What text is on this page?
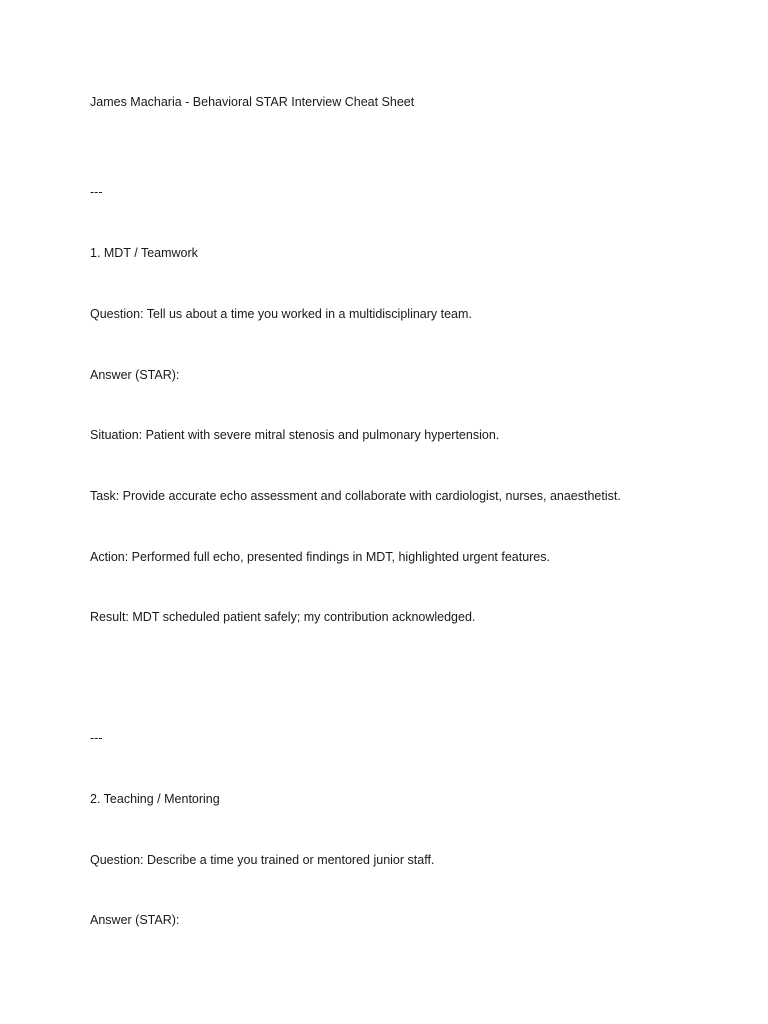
James Macharia - Behavioral STAR Interview Cheat Sheet
---
1. MDT / Teamwork
Question: Tell us about a time you worked in a multidisciplinary team.
Answer (STAR):
Situation: Patient with severe mitral stenosis and pulmonary hypertension.
Task: Provide accurate echo assessment and collaborate with cardiologist, nurses, anaesthetist.
Action: Performed full echo, presented findings in MDT, highlighted urgent features.
Result: MDT scheduled patient safely; my contribution acknowledged.
---
2. Teaching / Mentoring
Question: Describe a time you trained or mentored junior staff.
Answer (STAR):
